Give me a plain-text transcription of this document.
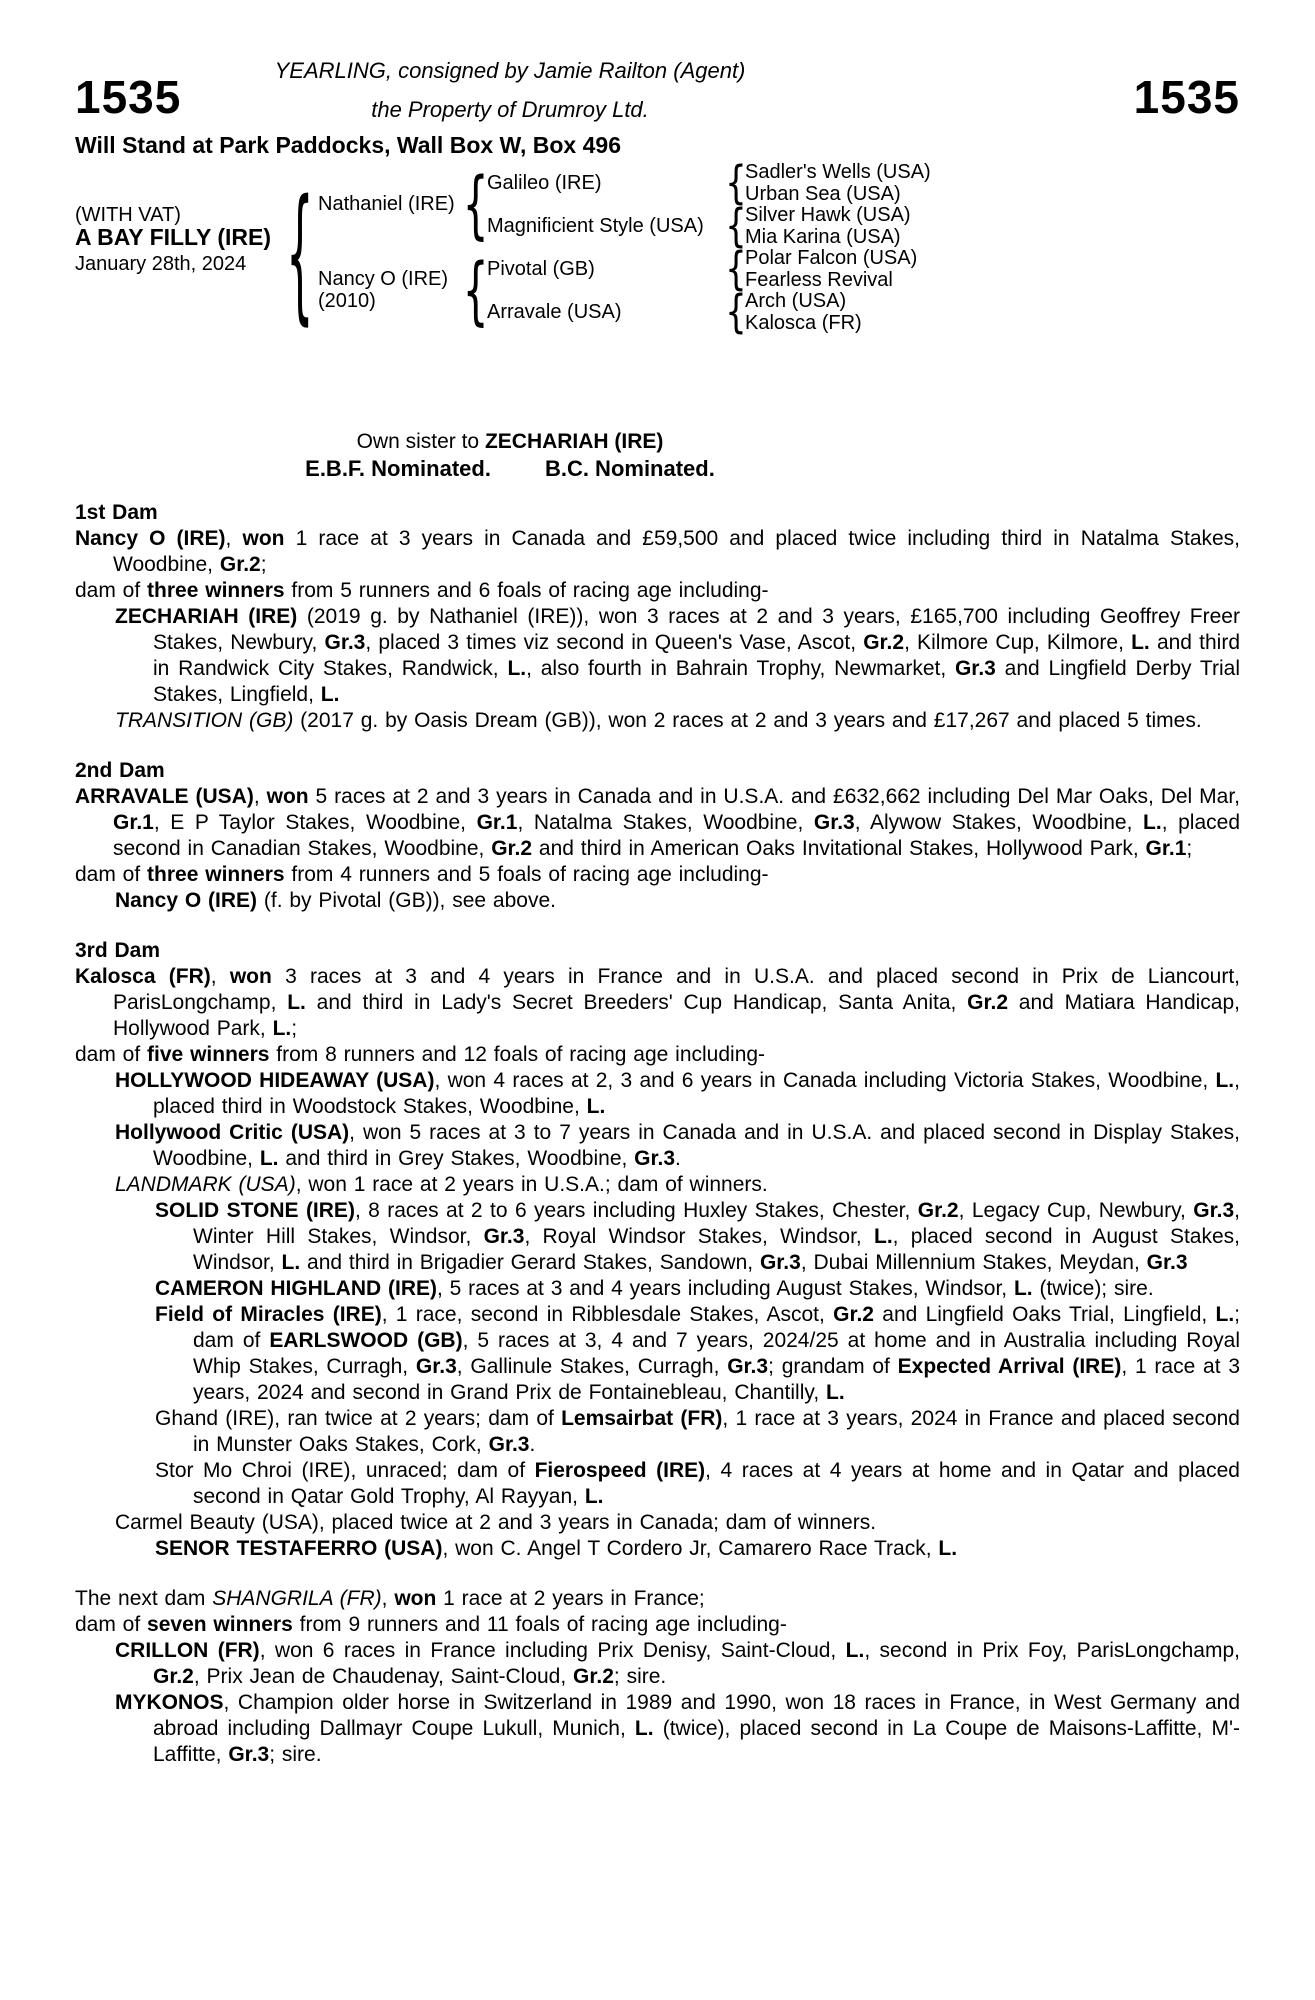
YEARLING, consigned by Jamie Railton (Agent)
1535	the Property of Drumroy Ltd.	1535
Will Stand at Park Paddocks, Wall Box W, Box 496
(WITH VAT)
A BAY FILLY (IRE)
January 28th, 2024
{
Nathaniel (IRE)
Nancy O (IRE)
(2010)
{
{
Galileo (IRE)
Magnificient Style (USA)
Pivotal (GB)
Arravale (USA)
{
{
{
{
Sadler's Wells (USA)
Urban Sea (USA)
Silver Hawk (USA)
Mia Karina (USA)
Polar Falcon (USA)
Fearless Revival
Arch (USA)
Kalosca (FR)
Own sister to ZECHARIAH (IRE)
E.B.F. Nominated. B.C. Nominated.
1st Dam
Nancy O (IRE), won 1 race at 3 years in Canada and £59,500 and placed twice including third in Natalma Stakes, Woodbine, Gr.2;
dam of three winners from 5 runners and 6 foals of racing age including-
ZECHARIAH (IRE) (2019 g. by Nathaniel (IRE)), won 3 races at 2 and 3 years, £165,700 including Geoffrey Freer Stakes, Newbury, Gr.3, placed 3 times viz second in Queen's Vase, Ascot, Gr.2, Kilmore Cup, Kilmore, L. and third in Randwick City Stakes, Randwick, L., also fourth in Bahrain Trophy, Newmarket, Gr.3 and Lingfield Derby Trial Stakes, Lingfield, L.
TRANSITION (GB) (2017 g. by Oasis Dream (GB)), won 2 races at 2 and 3 years and £17,267 and placed 5 times.
2nd Dam
ARRAVALE (USA), won 5 races at 2 and 3 years in Canada and in U.S.A. and £632,662 including Del Mar Oaks, Del Mar, Gr.1, E P Taylor Stakes, Woodbine, Gr.1, Natalma Stakes, Woodbine, Gr.3, Alywow Stakes, Woodbine, L., placed second in Canadian Stakes, Woodbine, Gr.2 and third in American Oaks Invitational Stakes, Hollywood Park, Gr.1;
dam of three winners from 4 runners and 5 foals of racing age including-
Nancy O (IRE) (f. by Pivotal (GB)), see above.
3rd Dam
Kalosca (FR), won 3 races at 3 and 4 years in France and in U.S.A. and placed second in Prix de Liancourt, ParisLongchamp, L. and third in Lady's Secret Breeders' Cup Handicap, Santa Anita, Gr.2 and Matiara Handicap, Hollywood Park, L.;
dam of five winners from 8 runners and 12 foals of racing age including-
HOLLYWOOD HIDEAWAY (USA), won 4 races at 2, 3 and 6 years in Canada including Victoria Stakes, Woodbine, L., placed third in Woodstock Stakes, Woodbine, L.
Hollywood Critic (USA), won 5 races at 3 to 7 years in Canada and in U.S.A. and placed second in Display Stakes, Woodbine, L. and third in Grey Stakes, Woodbine, Gr.3.
LANDMARK (USA), won 1 race at 2 years in U.S.A.; dam of winners.
SOLID STONE (IRE), 8 races at 2 to 6 years including Huxley Stakes, Chester, Gr.2, Legacy Cup, Newbury, Gr.3, Winter Hill Stakes, Windsor, Gr.3, Royal Windsor Stakes, Windsor, L., placed second in August Stakes, Windsor, L. and third in Brigadier Gerard Stakes, Sandown, Gr.3, Dubai Millennium Stakes, Meydan, Gr.3
CAMERON HIGHLAND (IRE), 5 races at 3 and 4 years including August Stakes, Windsor, L. (twice); sire.
Field of Miracles (IRE), 1 race, second in Ribblesdale Stakes, Ascot, Gr.2 and Lingfield Oaks Trial, Lingfield, L.; dam of EARLSWOOD (GB), 5 races at 3, 4 and 7 years, 2024/25 at home and in Australia including Royal Whip Stakes, Curragh, Gr.3, Gallinule Stakes, Curragh, Gr.3; grandam of Expected Arrival (IRE), 1 race at 3 years, 2024 and second in Grand Prix de Fontainebleau, Chantilly, L.
Ghand (IRE), ran twice at 2 years; dam of Lemsairbat (FR), 1 race at 3 years, 2024 in France and placed second in Munster Oaks Stakes, Cork, Gr.3.
Stor Mo Chroi (IRE), unraced; dam of Fierospeed (IRE), 4 races at 4 years at home and in Qatar and placed second in Qatar Gold Trophy, Al Rayyan, L.
Carmel Beauty (USA), placed twice at 2 and 3 years in Canada; dam of winners.
SENOR TESTAFERRO (USA), won C. Angel T Cordero Jr, Camarero Race Track, L.
The next dam SHANGRILA (FR), won 1 race at 2 years in France;
dam of seven winners from 9 runners and 11 foals of racing age including-
CRILLON (FR), won 6 races in France including Prix Denisy, Saint-Cloud, L., second in Prix Foy, ParisLongchamp, Gr.2, Prix Jean de Chaudenay, Saint-Cloud, Gr.2; sire.
MYKONOS, Champion older horse in Switzerland in 1989 and 1990, won 18 races in France, in West Germany and abroad including Dallmayr Coupe Lukull, Munich, L. (twice), placed second in La Coupe de Maisons-Laffitte, M'-Laffitte, Gr.3; sire.
